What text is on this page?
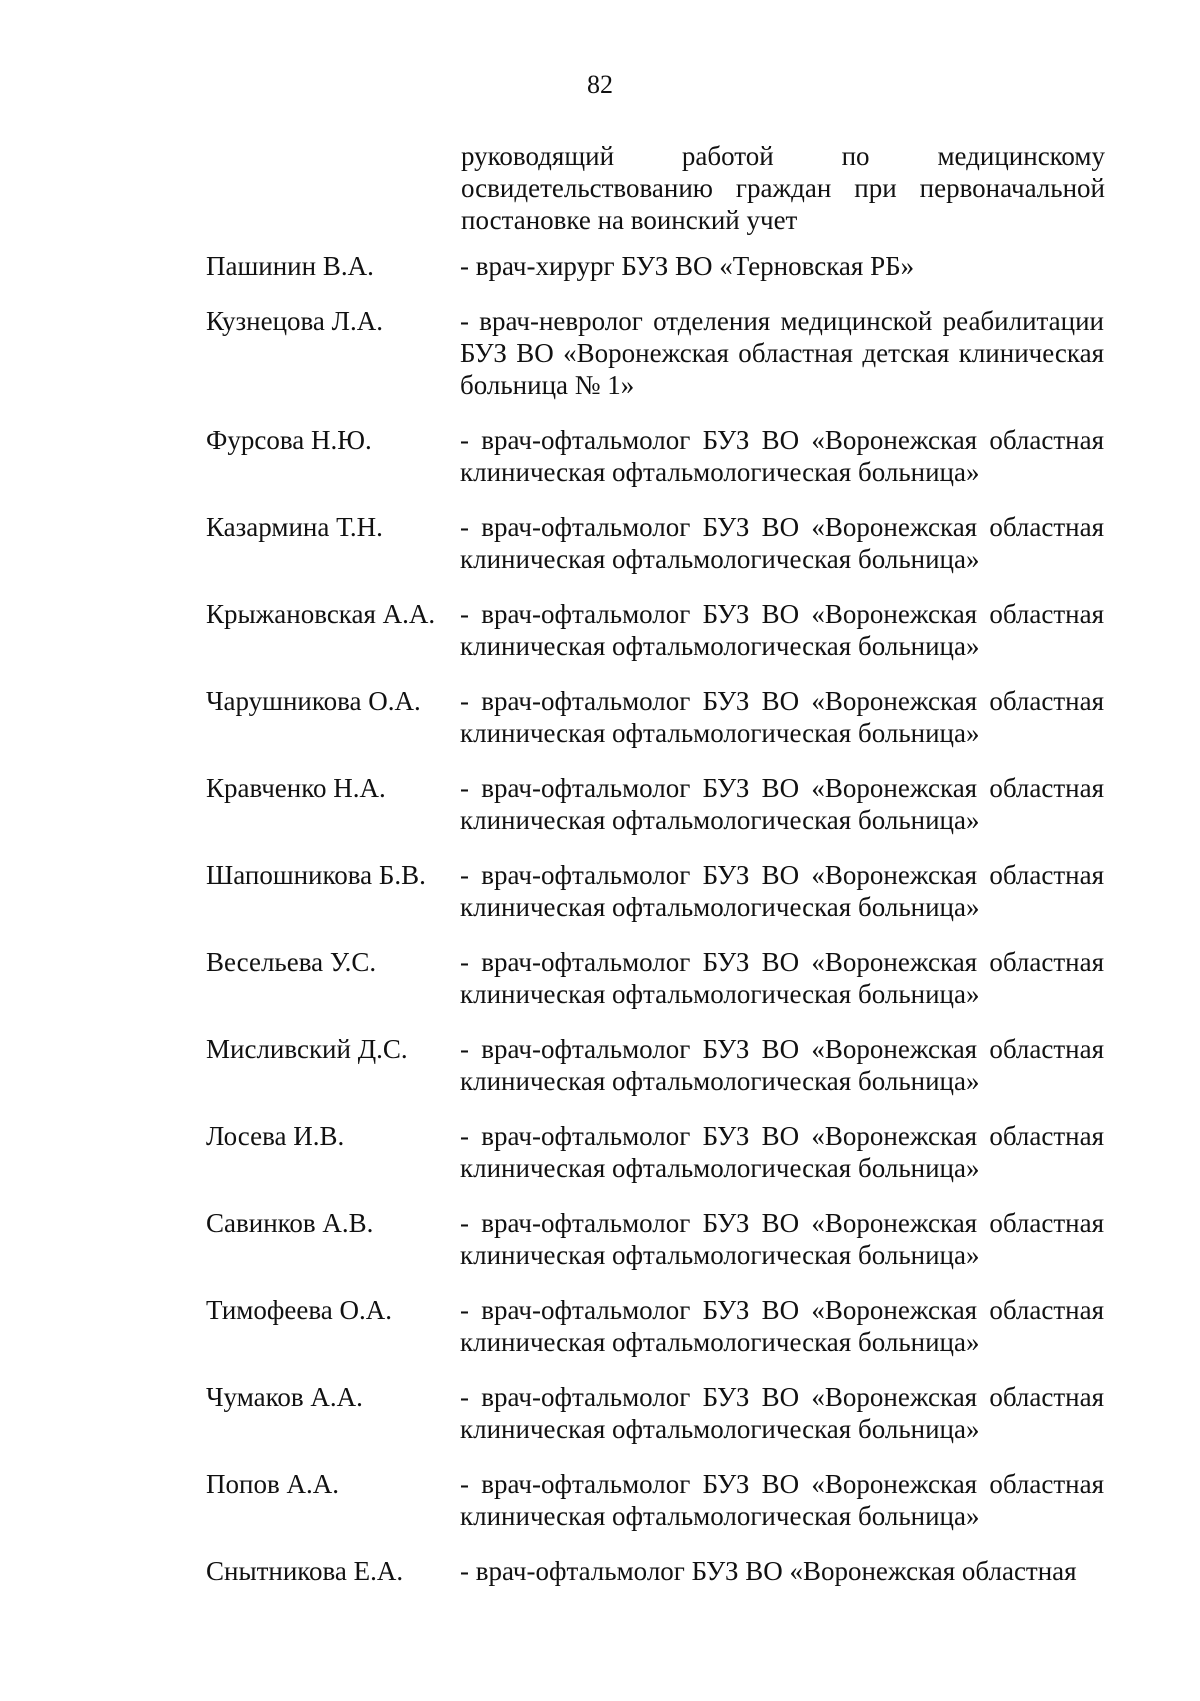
82
руководящий работой по медицинскому освидетельствованию граждан при первоначальной постановке на воинский учет
Пашинин В.А.	- врач-хирург БУЗ ВО «Терновская РБ»
Кузнецова Л.А.	- врач-невролог отделения медицинской реабилитации БУЗ ВО «Воронежская областная детская клиническая больница № 1»
Фурсова Н.Ю.	- врач-офтальмолог БУЗ ВО «Воронежская областная клиническая офтальмологическая больница»
Казармина Т.Н.	- врач-офтальмолог БУЗ ВО «Воронежская областная клиническая офтальмологическая больница»
Крыжановская А.А. - врач-офтальмолог БУЗ ВО «Воронежская областная клиническая офтальмологическая больница»
Чарушникова О.А.	- врач-офтальмолог БУЗ ВО «Воронежская областная клиническая офтальмологическая больница»
Кравченко Н.А.	- врач-офтальмолог БУЗ ВО «Воронежская областная клиническая офтальмологическая больница»
Шапошникова Б.В.	- врач-офтальмолог БУЗ ВО «Воронежская областная клиническая офтальмологическая больница»
Весельева У.С.	- врач-офтальмолог БУЗ ВО «Воронежская областная клиническая офтальмологическая больница»
Мисливский Д.С.	- врач-офтальмолог БУЗ ВО «Воронежская областная клиническая офтальмологическая больница»
Лосева И.В.	- врач-офтальмолог БУЗ ВО «Воронежская областная клиническая офтальмологическая больница»
Савинков А.В.	- врач-офтальмолог БУЗ ВО «Воронежская областная клиническая офтальмологическая больница»
Тимофеева О.А.	- врач-офтальмолог БУЗ ВО «Воронежская областная клиническая офтальмологическая больница»
Чумаков А.А.	- врач-офтальмолог БУЗ ВО «Воронежская областная клиническая офтальмологическая больница»
Попов А.А.	- врач-офтальмолог БУЗ ВО «Воронежская областная клиническая офтальмологическая больница»
Снытникова Е.А.	- врач-офтальмолог БУЗ ВО «Воронежская областная
